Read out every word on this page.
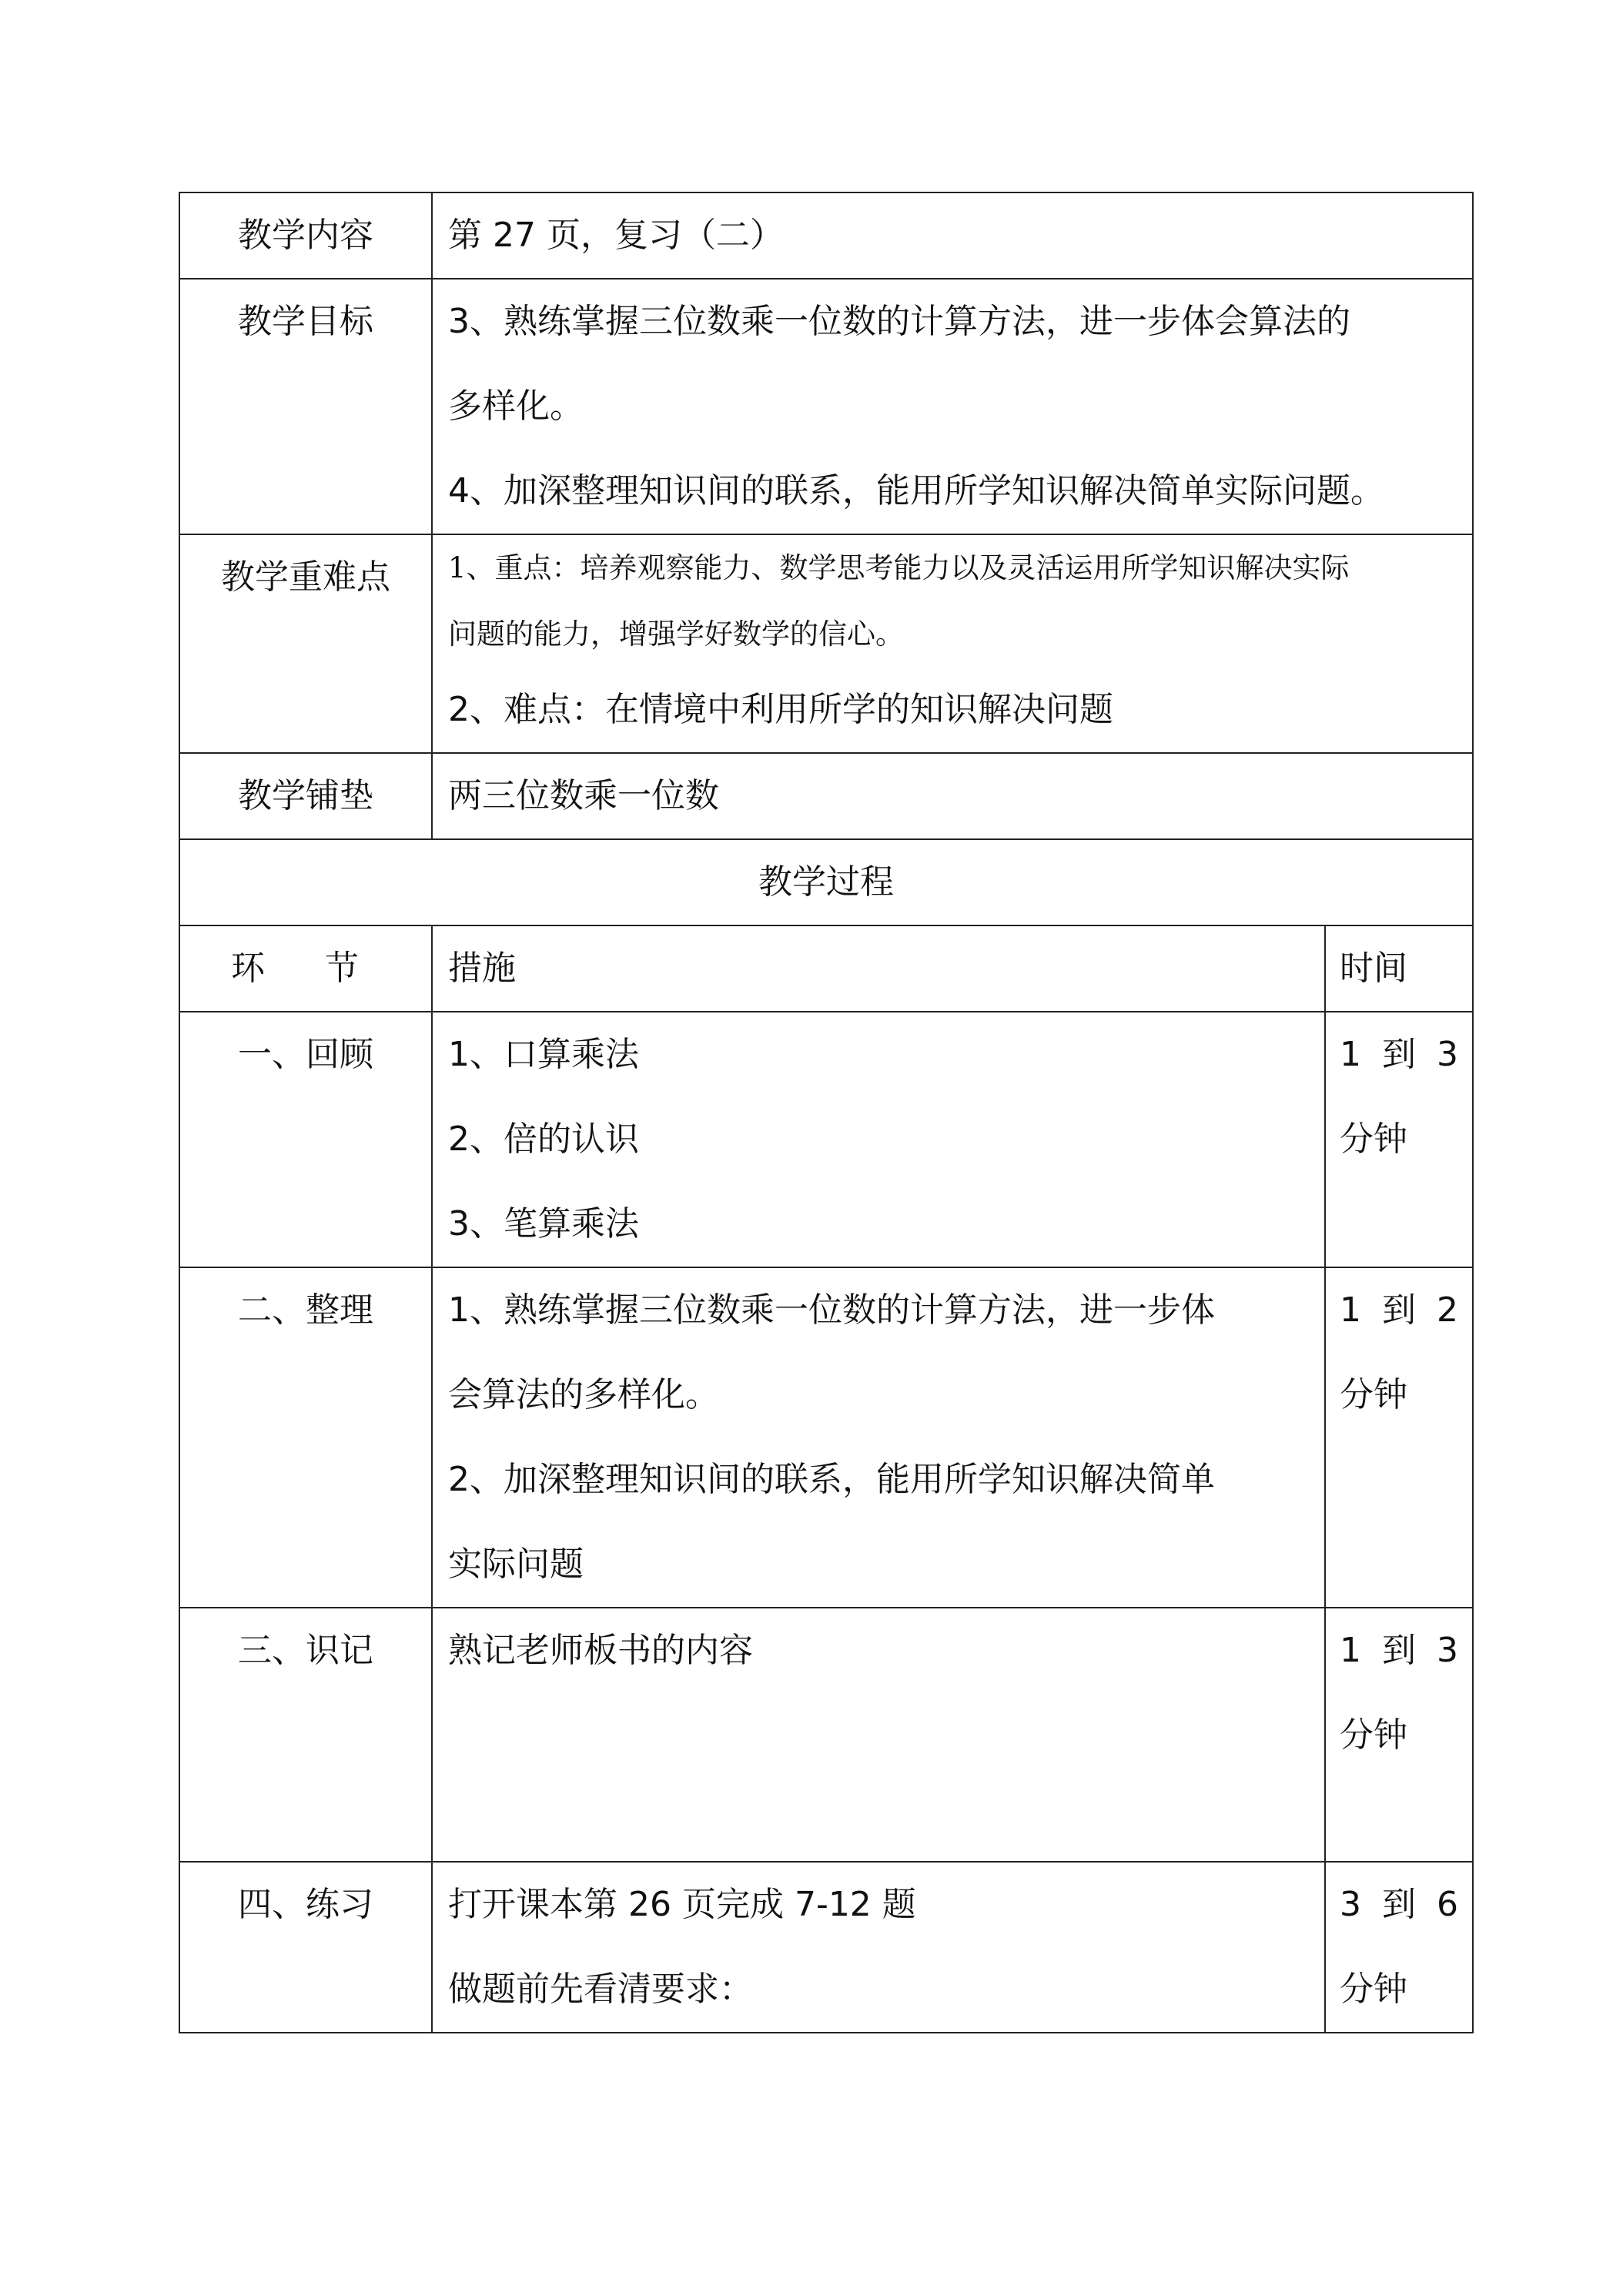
教学内容	第 27 页，复习（二）	
教学目标	3、熟练掌握三位数乘一位数的计算方法，进一步体会算法的
多样化。
4、加深整理知识间的联系，能用所学知识解决简单实际问题。	

教学重难点	1、重点：培养观察能力、数学思考能力以及灵活运用所学知识解决实际
问题的能力，增强学好数学的信心。
2、难点：在情境中利用所学的知识解决问题	

教学铺垫	两三位数乘一位数	
教学过程		

环 节	措施	时间
一、回顾	1、口算乘法
2、倍的认识
3、笔算乘法	1 到 3
分钟

二、整理	1、熟练掌握三位数乘一位数的计算方法，进一步体
会算法的多样化。
2、加深整理知识间的联系，能用所学知识解决简单
实际问题	1 到 2
分钟

三、识记	熟记老师板书的内容	1 到 3
分钟

四、练习	打开课本第 26 页完成 7-12 题
做题前先看清要求：	3 到 6
分钟
